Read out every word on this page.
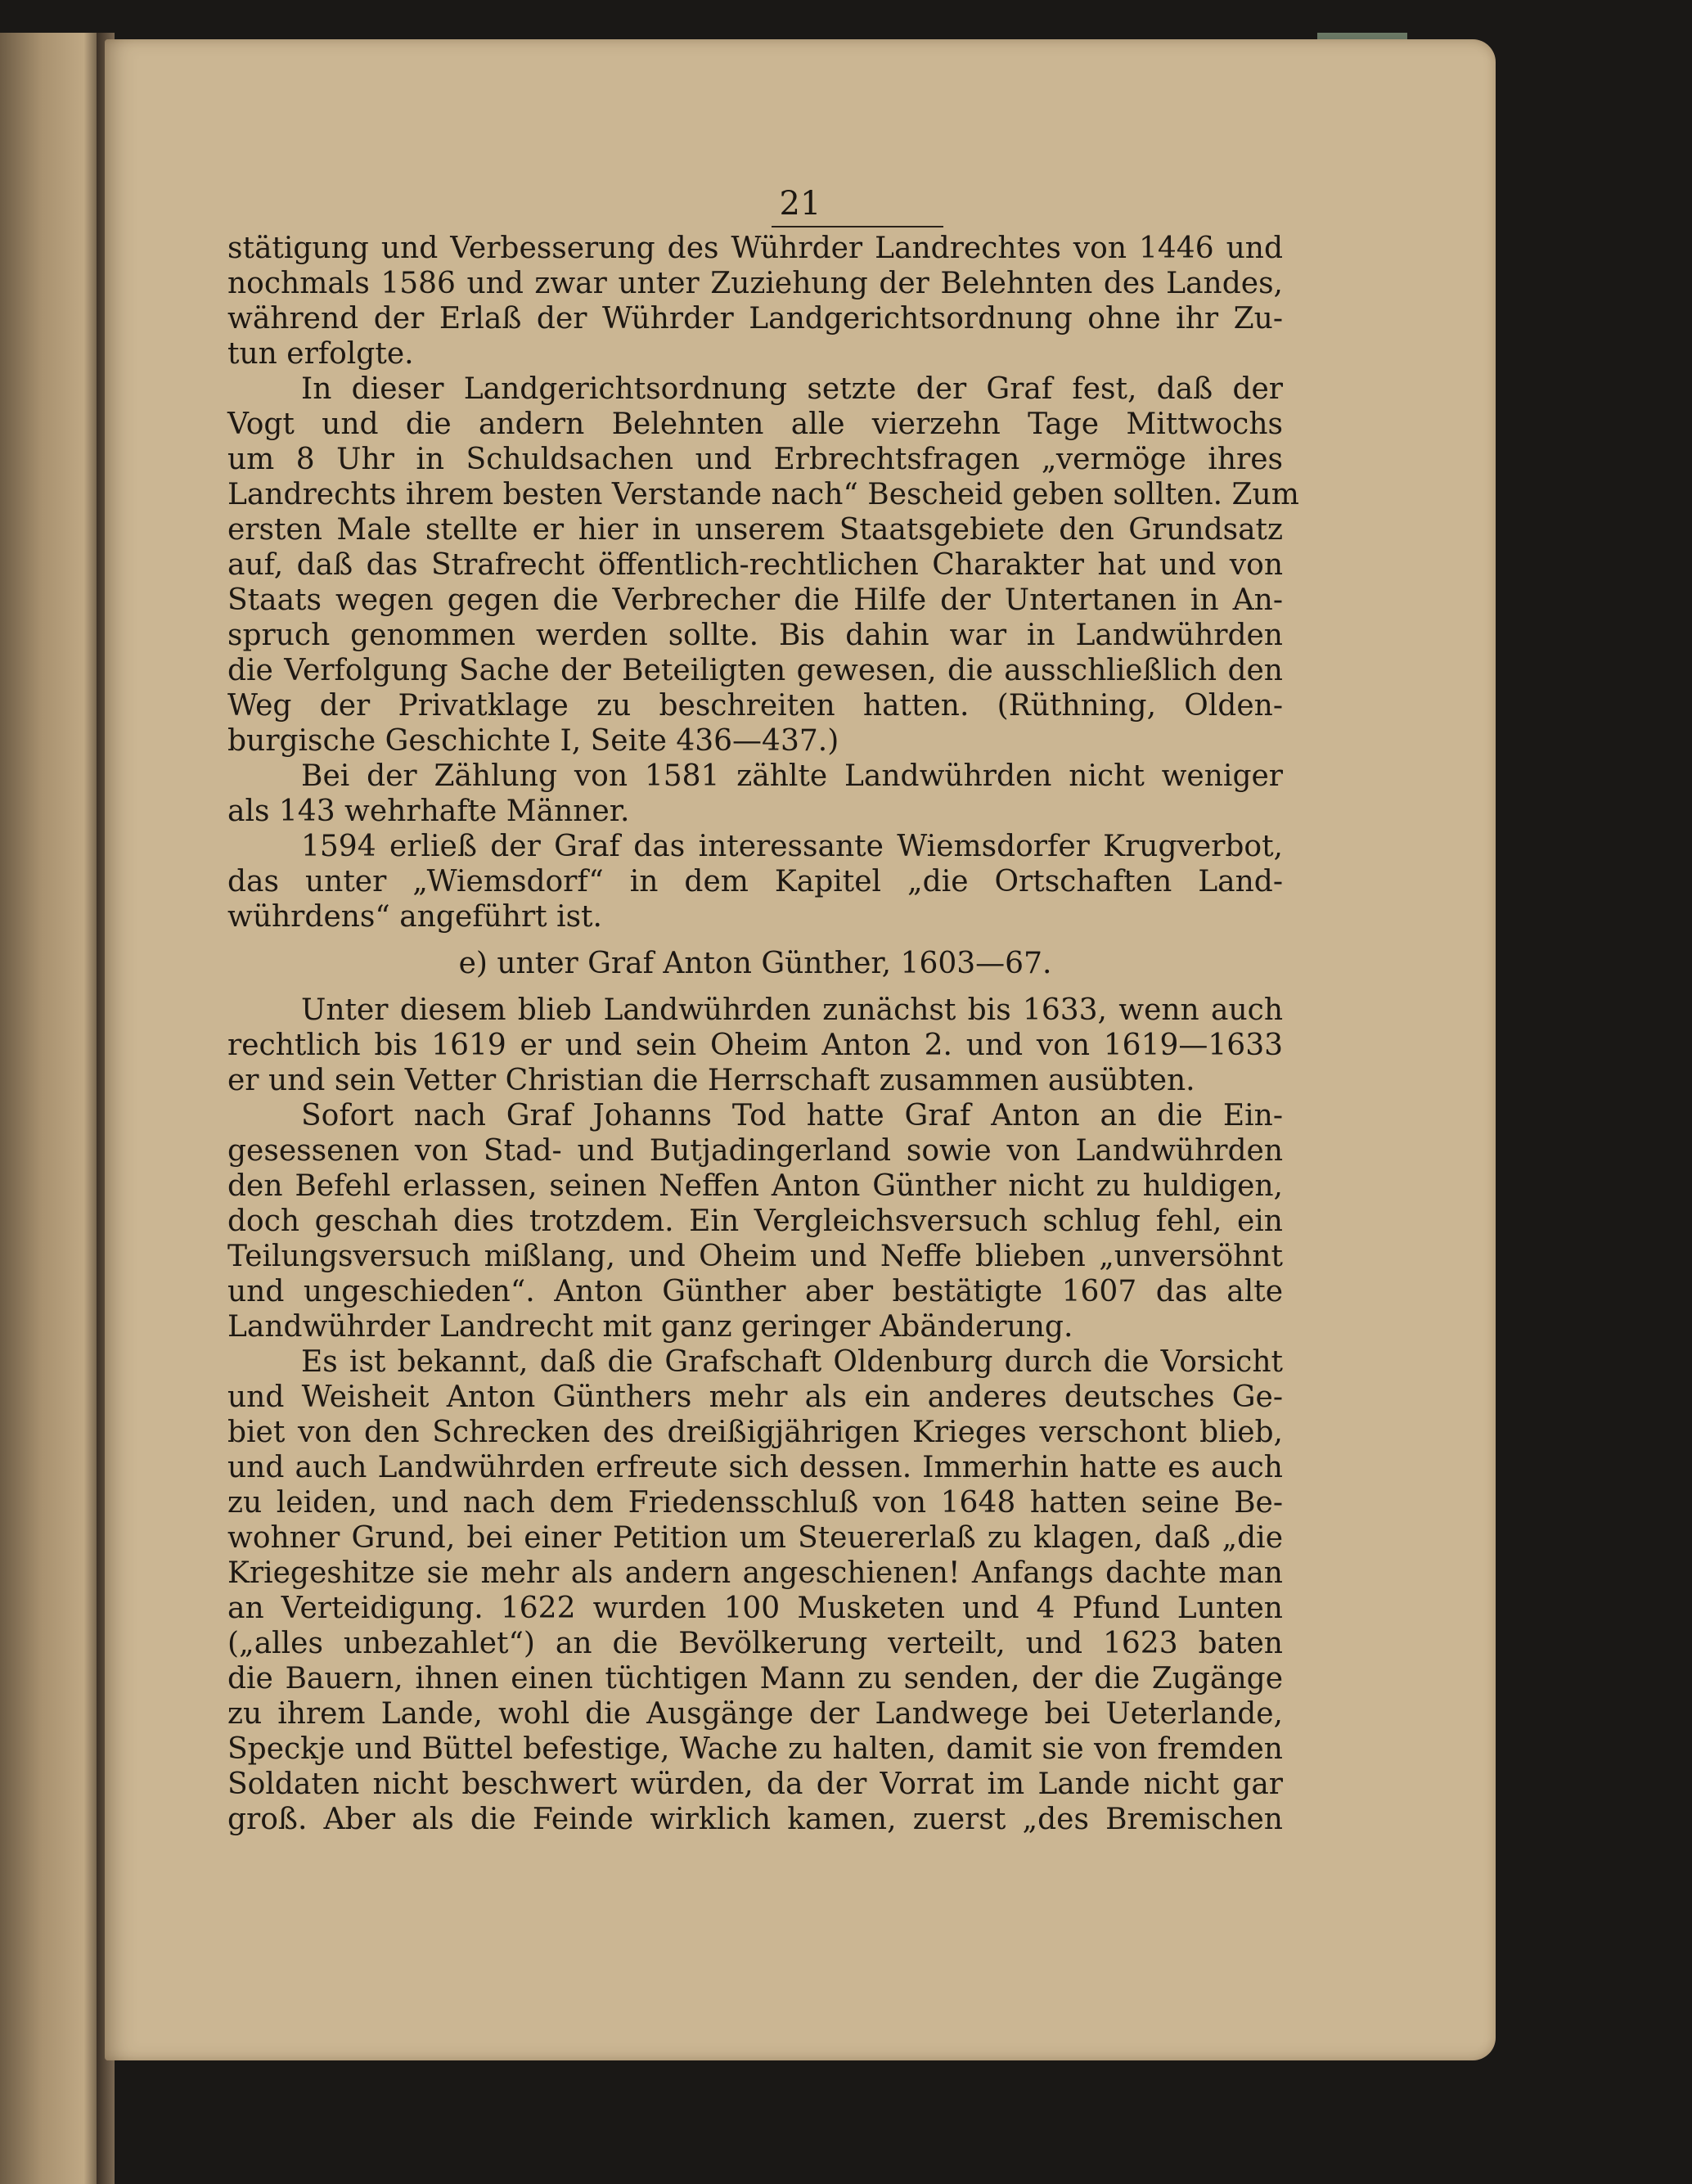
21
stätigung und Verbesserung des Wührder Landrechtes von 1446 und
nochmals 1586 und zwar unter Zuziehung der Belehnten des Landes,
während der Erlaß der Wührder Landgerichtsordnung ohne ihr Zu-
tun erfolgte.
In dieser Landgerichtsordnung setzte der Graf fest, daß der
Vogt und die andern Belehnten alle vierzehn Tage Mittwochs
um 8 Uhr in Schuldsachen und Erbrechtsfragen „vermöge ihres
Landrechts ihrem besten Verstande nach“ Bescheid geben sollten. Zum
ersten Male stellte er hier in unserem Staatsgebiete den Grundsatz
auf, daß das Strafrecht öffentlich-rechtlichen Charakter hat und von
Staats wegen gegen die Verbrecher die Hilfe der Untertanen in An-
spruch genommen werden sollte. Bis dahin war in Landwührden
die Verfolgung Sache der Beteiligten gewesen, die ausschließlich den
Weg der Privatklage zu beschreiten hatten. (Rüthning, Olden-
burgische Geschichte I, Seite 436—437.)
Bei der Zählung von 1581 zählte Landwührden nicht weniger
als 143 wehrhafte Männer.
1594 erließ der Graf das interessante Wiemsdorfer Krugverbot,
das unter „Wiemsdorf“ in dem Kapitel „die Ortschaften Land-
wührdens“ angeführt ist.
e) unter Graf Anton Günther, 1603—67.
Unter diesem blieb Landwührden zunächst bis 1633, wenn auch
rechtlich bis 1619 er und sein Oheim Anton 2. und von 1619—1633
er und sein Vetter Christian die Herrschaft zusammen ausübten.
Sofort nach Graf Johanns Tod hatte Graf Anton an die Ein-
gesessenen von Stad- und Butjadingerland sowie von Landwührden
den Befehl erlassen, seinen Neffen Anton Günther nicht zu huldigen,
doch geschah dies trotzdem. Ein Vergleichsversuch schlug fehl, ein
Teilungsversuch mißlang, und Oheim und Neffe blieben „unversöhnt
und ungeschieden“. Anton Günther aber bestätigte 1607 das alte
Landwührder Landrecht mit ganz geringer Abänderung.
Es ist bekannt, daß die Grafschaft Oldenburg durch die Vorsicht
und Weisheit Anton Günthers mehr als ein anderes deutsches Ge-
biet von den Schrecken des dreißigjährigen Krieges verschont blieb,
und auch Landwührden erfreute sich dessen. Immerhin hatte es auch
zu leiden, und nach dem Friedensschluß von 1648 hatten seine Be-
wohner Grund, bei einer Petition um Steuererlaß zu klagen, daß „die
Kriegeshitze sie mehr als andern angeschienen! Anfangs dachte man
an Verteidigung. 1622 wurden 100 Musketen und 4 Pfund Lunten
(„alles unbezahlet“) an die Bevölkerung verteilt, und 1623 baten
die Bauern, ihnen einen tüchtigen Mann zu senden, der die Zugänge
zu ihrem Lande, wohl die Ausgänge der Landwege bei Ueterlande,
Speckje und Büttel befestige, Wache zu halten, damit sie von fremden
Soldaten nicht beschwert würden, da der Vorrat im Lande nicht gar
groß. Aber als die Feinde wirklich kamen, zuerst „des Bremischen
